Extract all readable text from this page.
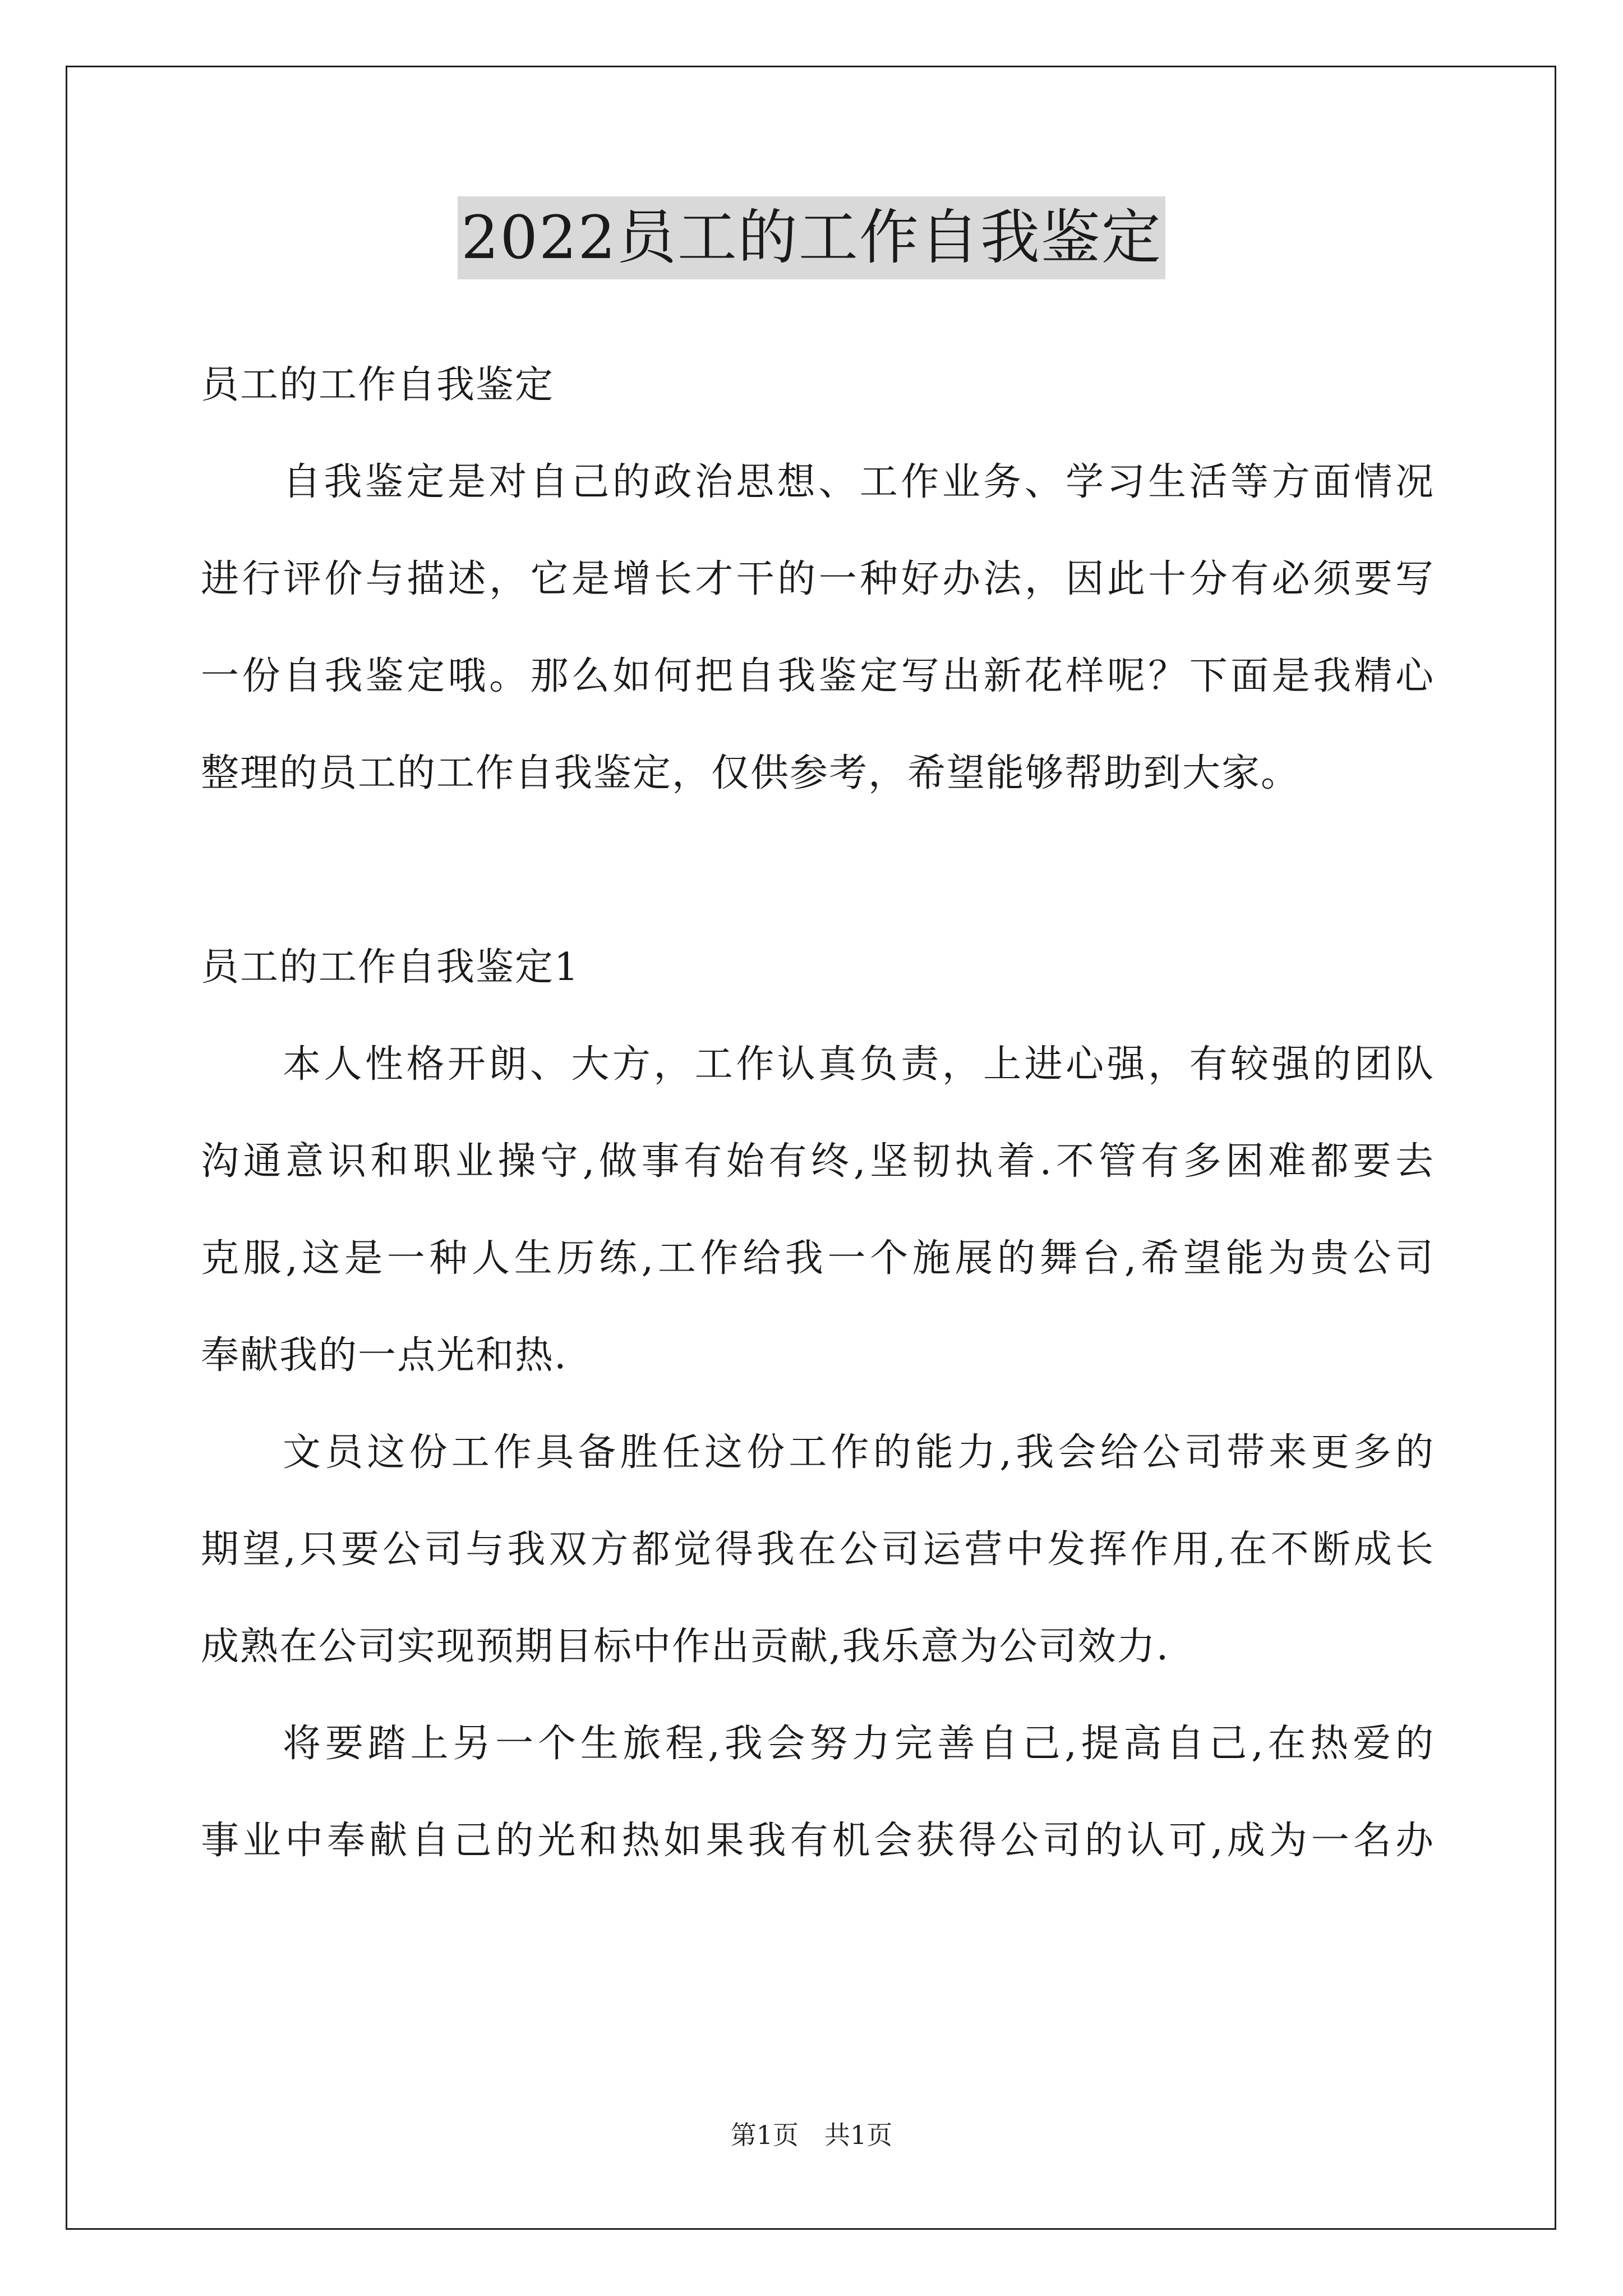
2022员工的工作自我鉴定
员工的工作自我鉴定
自我鉴定是对自己的政治思想、工作业务、学习生活等方面情况
进行评价与描述，它是增长才干的一种好办法，因此十分有必须要写
一份自我鉴定哦。那么如何把自我鉴定写出新花样呢？下面是我精心
整理的员工的工作自我鉴定，仅供参考，希望能够帮助到大家。
员工的工作自我鉴定1
本人性格开朗、大方，工作认真负责，上进心强，有较强的团队
沟通意识和职业操守,做事有始有终,坚韧执着.不管有多困难都要去
克服,这是一种人生历练,工作给我一个施展的舞台,希望能为贵公司
奉献我的一点光和热.
文员这份工作具备胜任这份工作的能力,我会给公司带来更多的
期望,只要公司与我双方都觉得我在公司运营中发挥作用,在不断成长
成熟在公司实现预期目标中作出贡献,我乐意为公司效力.
将要踏上另一个生旅程,我会努力完善自己,提高自己,在热爱的
事业中奉献自己的光和热如果我有机会获得公司的认可,成为一名办
第1页　共1页
